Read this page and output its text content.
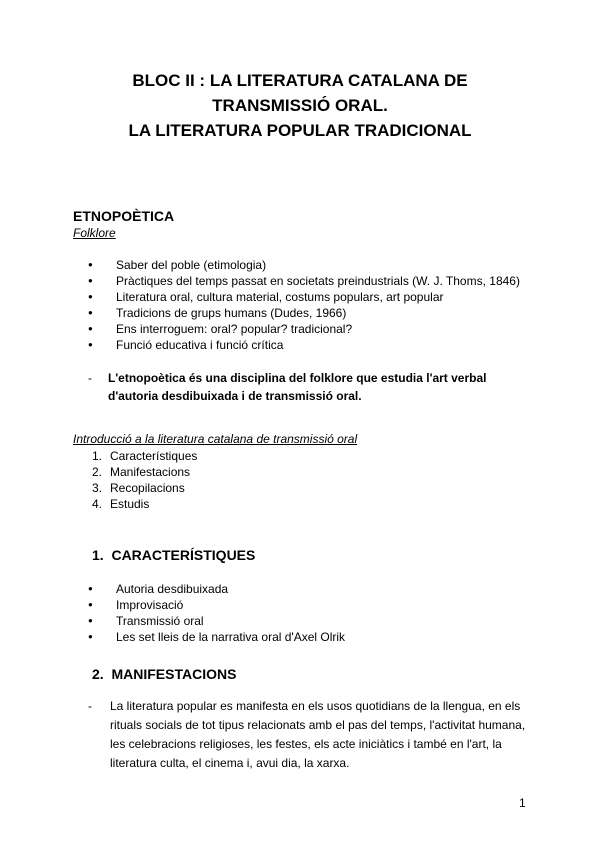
BLOC II : LA LITERATURA CATALANA DE
TRANSMISSIÓ ORAL.
LA LITERATURA POPULAR TRADICIONAL
ETNOPOÈTICA
Folklore
● Saber del poble (etimologia)
● Pràctiques del temps passat en societats preindustrials (W. J. Thoms, 1846)
● Literatura oral, cultura material, costums populars, art popular
● Tradicions de grups humans (Dudes, 1966)
● Ens interroguem: oral? popular? tradicional?
● Funció educativa i funció crítica
- L'etnopoètica és una disciplina del folklore que estudia l'art verbal
d'autoria desdibuixada i de transmissió oral.
Introducció a la literatura catalana de transmissió oral
1. Característiques
2. Manifestacions
3. Recopilacions
4. Estudis
1.  CARACTERÍSTIQUES
● Autoria desdibuixada
● Improvisació
● Transmissió oral
● Les set lleis de la narrativa oral d'Axel Olrik
2.  MANIFESTACIONS
- La literatura popular es manifesta en els usos quotidians de la llengua, en els
rituals socials de tot tipus relacionats amb el pas del temps, l'activitat humana,
les celebracions religioses, les festes, els acte iniciàtics i també en l'art, la
literatura culta, el cinema i, avui dia, la xarxa.
1
